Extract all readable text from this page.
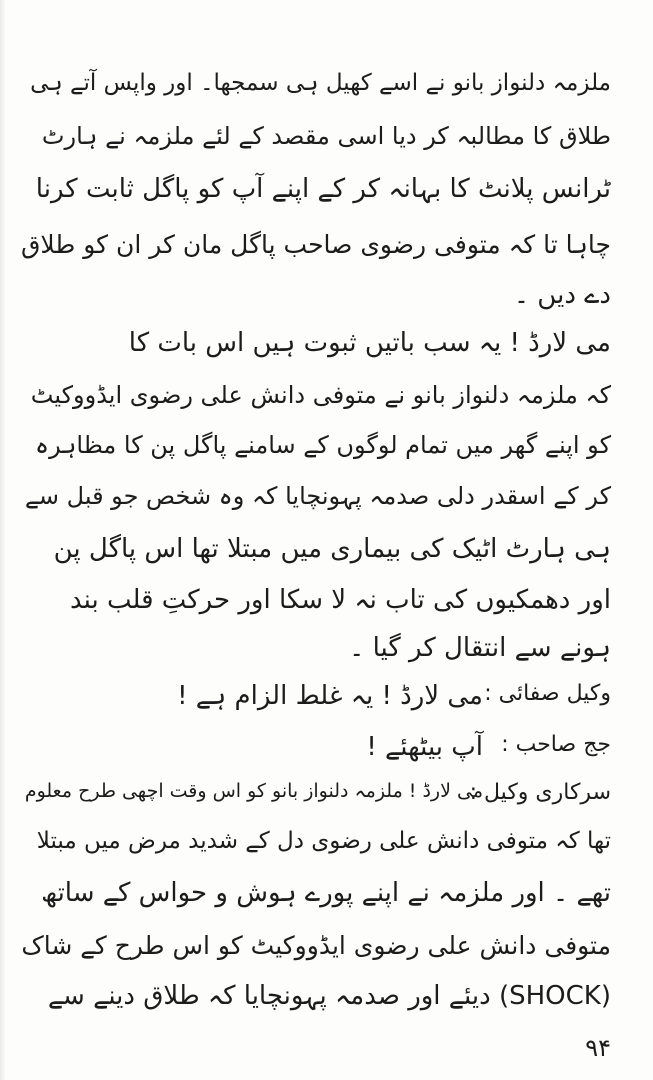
ملزمہ دلنواز بانو نے اسے کھیل ہی سمجھا۔ اور واپس آتے ہی
طلاق کا مطالبہ کر دیا اسی مقصد کے لئے ملزمہ نے ہارٹ
ٹرانس پلانٹ کا بہانہ کر کے اپنے آپ کو پاگل ثابت کرنا
چاہا تا کہ متوفی رضوی صاحب پاگل مان کر ان کو طلاق
دے دیں ۔
می لارڈ ! یہ سب باتیں ثبوت ہیں اس بات کا
کہ ملزمہ دلنواز بانو نے متوفی دانش علی رضوی ایڈووکیٹ
کو اپنے گھر میں تمام لوگوں کے سامنے پاگل پن کا مظاہرہ
کر کے اسقدر دلی صدمہ پہونچایا کہ وہ شخص جو قبل سے
ہی ہارٹ اٹیک کی بیماری میں مبتلا تھا اس پاگل پن
اور دھمکیوں کی تاب نہ لا سکا اور حرکتِ قلب بند
ہونے سے انتقال کر گیا ۔
وکیل صفائی :
می لارڈ ! یہ غلط الزام ہے !
جج صاحب :
آپ بیٹھئے !
سرکاری وکیل :
می لارڈ ! ملزمہ دلنواز بانو کو اس وقت اچھی طرح معلوم
تھا کہ متوفی دانش علی رضوی دل کے شدید مرض میں مبتلا
تھے ۔ اور ملزمہ نے اپنے پورے ہوش و حواس کے ساتھ
متوفی دانش علی رضوی ایڈووکیٹ کو اس طرح کے شاک
(SHOCK) دیئے اور صدمہ پہونچایا کہ طلاق دینے سے
۹۴
